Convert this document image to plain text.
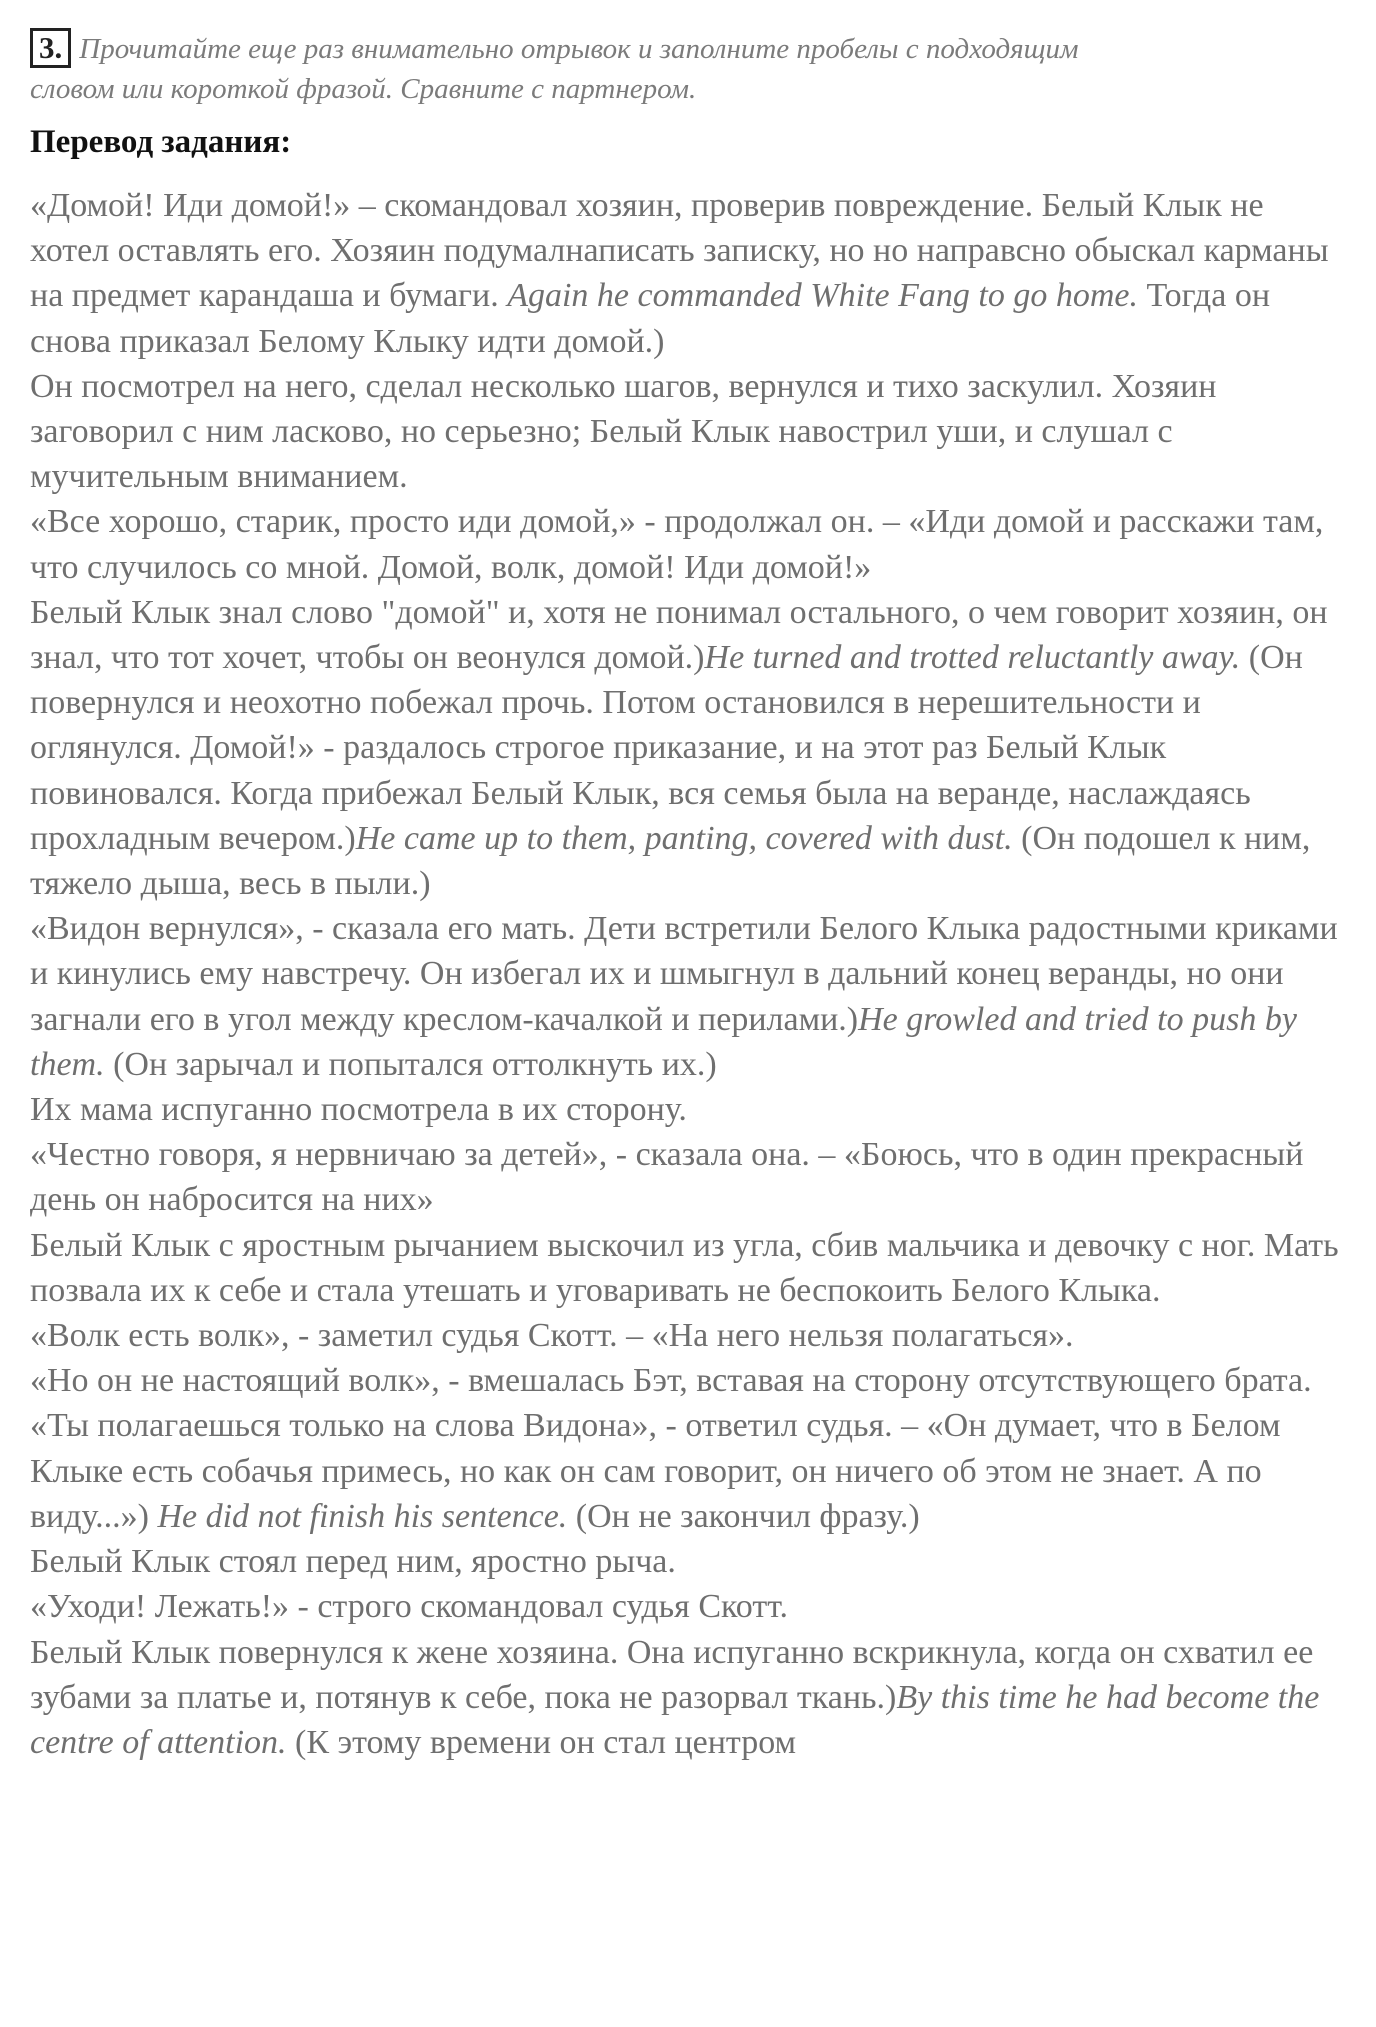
3. Прочитайте еще раз внимательно отрывок и заполните пробелы с подходящим
словом или короткой фразой. Сравните с партнером.
Перевод задания:

«Домой! Иди домой!» – скомандовал хозяин, проверив повреждение. Белый Клык не хотел оставлять его. Хозяин подумалнаписать записку, но но направсно обыскал карманы на предмет карандаша и бумаги. Again he commanded White Fang to go home. Тогда он снова приказал Белому Клыку идти домой.)

Он посмотрел на него, сделал несколько шагов, вернулся и тихо заскулил. Хозяин заговорил с ним ласково, но серьезно; Белый Клык навострил уши, и слушал с мучительным вниманием.

«Все хорошо, старик, просто иди домой,» - продолжал он. – «Иди домой и расскажи там, что случилось со мной. Домой, волк, домой! Иди домой!»

Белый Клык знал слово "домой" и, хотя не понимал остального, о чем говорит хозяин, он знал, что тот хочет, чтобы он веонулся домой.)He turned and trotted reluctantly away. (Он повернулся и неохотно побежал прочь. Потом остановился в нерешительности и оглянулся. Домой!» - раздалось строгое приказание, и на этот раз Белый Клык повиновался. Когда прибежал Белый Клык, вся семья была на веранде, наслаждаясь прохладным вечером.)He came up to them, panting, covered with dust. (Он подошел к ним, тяжело дыша, весь в пыли.)

«Видон вернулся», - сказала его мать. Дети встретили Белого Клыка радостными криками и кинулись ему навстречу. Он избегал их и шмыгнул в дальний конец веранды, но они загнали его в угол между креслом-качалкой и перилами.)He growled and tried to push by them. (Он зарычал и попытался оттолкнуть их.)

Их мама испуганно посмотрела в их сторону.

«Честно говоря, я нервничаю за детей», - сказала она. – «Боюсь, что в один прекрасный день он набросится на них»

Белый Клык с яростным рычанием выскочил из угла, сбив мальчика и девочку с ног. Мать позвала их к себе и стала утешать и уговаривать не беспокоить Белого Клыка.

«Волк есть волк», - заметил судья Скотт. – «На него нельзя полагаться».

«Но он не настоящий волк», - вмешалась Бэт, вставая на сторону отсутствующего брата.

«Ты полагаешься только на слова Видона», - ответил судья. – «Он думает, что в Белом Клыке есть собачья примесь, но как он сам говорит, он ничего об этом не знает. А по виду...») He did not finish his sentence. (Он не закончил фразу.)

Белый Клык стоял перед ним, яростно рыча.

«Уходи! Лежать!» - строго скомандовал судья Скотт.

Белый Клык повернулся к жене хозяина. Она испуганно вскрикнула, когда он схватил ее зубами за платье и, потянув к себе, пока не разорвал ткань.)By this time he had become the centre of attention. (К этому времени он стал центром
